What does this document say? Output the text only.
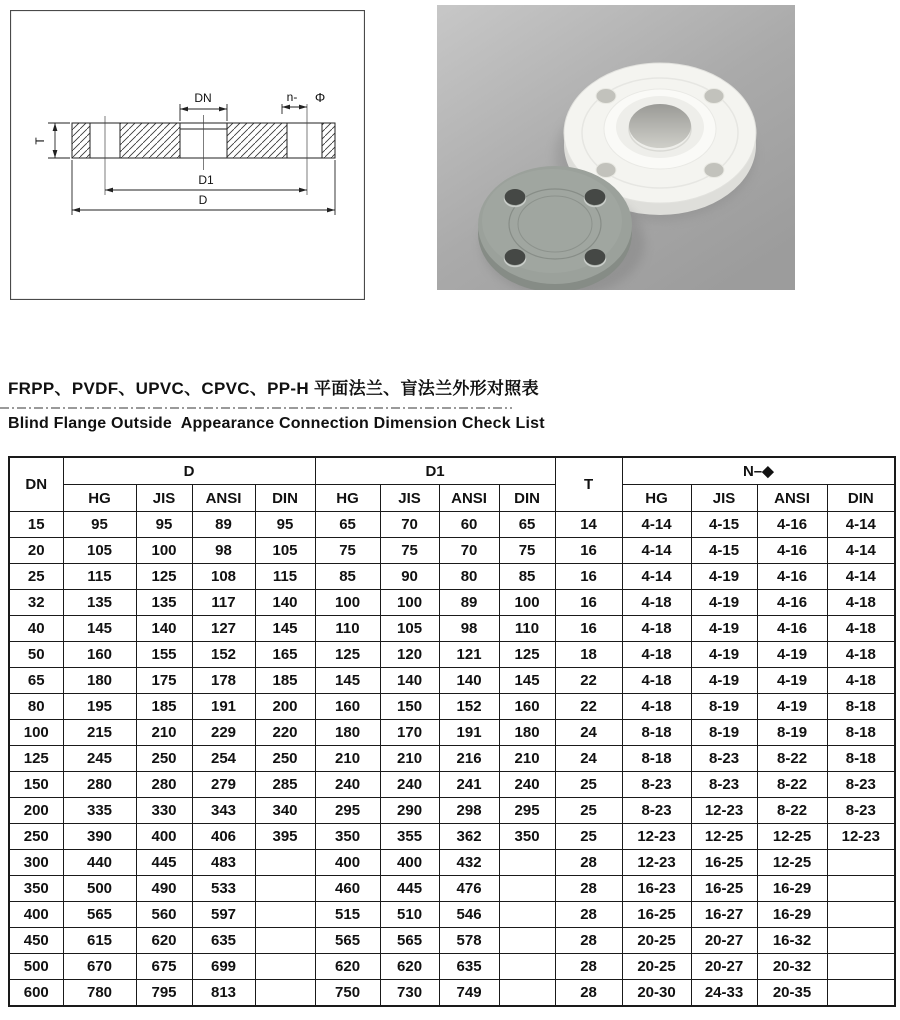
DN	n- Φ
T
D1
D
FRPP、PVDF、UPVC、CPVC、PP-H 平面法兰、盲法兰外形对照表
Blind Flange Outside  Appearance Connection Dimension Check List
DN	D				D1				T	N–◆			
	HG	JIS	ANSI	DIN	HG	JIS	ANSI	DIN		HG	JIS	ANSI	DIN
15	95	95	89	95	65	70	60	65	14	4-14	4-15	4-16	4-14
20	105	100	98	105	75	75	70	75	16	4-14	4-15	4-16	4-14
25	115	125	108	115	85	90	80	85	16	4-14	4-19	4-16	4-14
32	135	135	117	140	100	100	89	100	16	4-18	4-19	4-16	4-18
40	145	140	127	145	110	105	98	110	16	4-18	4-19	4-16	4-18
50	160	155	152	165	125	120	121	125	18	4-18	4-19	4-19	4-18
65	180	175	178	185	145	140	140	145	22	4-18	4-19	4-19	4-18
80	195	185	191	200	160	150	152	160	22	4-18	8-19	4-19	8-18
100	215	210	229	220	180	170	191	180	24	8-18	8-19	8-19	8-18
125	245	250	254	250	210	210	216	210	24	8-18	8-23	8-22	8-18
150	280	280	279	285	240	240	241	240	25	8-23	8-23	8-22	8-23
200	335	330	343	340	295	290	298	295	25	8-23	12-23	8-22	8-23
250	390	400	406	395	350	355	362	350	25	12-23	12-25	12-25	12-23
300	440	445	483		400	400	432		28	12-23	16-25	12-25	
350	500	490	533		460	445	476		28	16-23	16-25	16-29	
400	565	560	597		515	510	546		28	16-25	16-27	16-29	
450	615	620	635		565	565	578		28	20-25	20-27	16-32	
500	670	675	699		620	620	635		28	20-25	20-27	20-32	
600	780	795	813		750	730	749		28	20-30	24-33	20-35	
